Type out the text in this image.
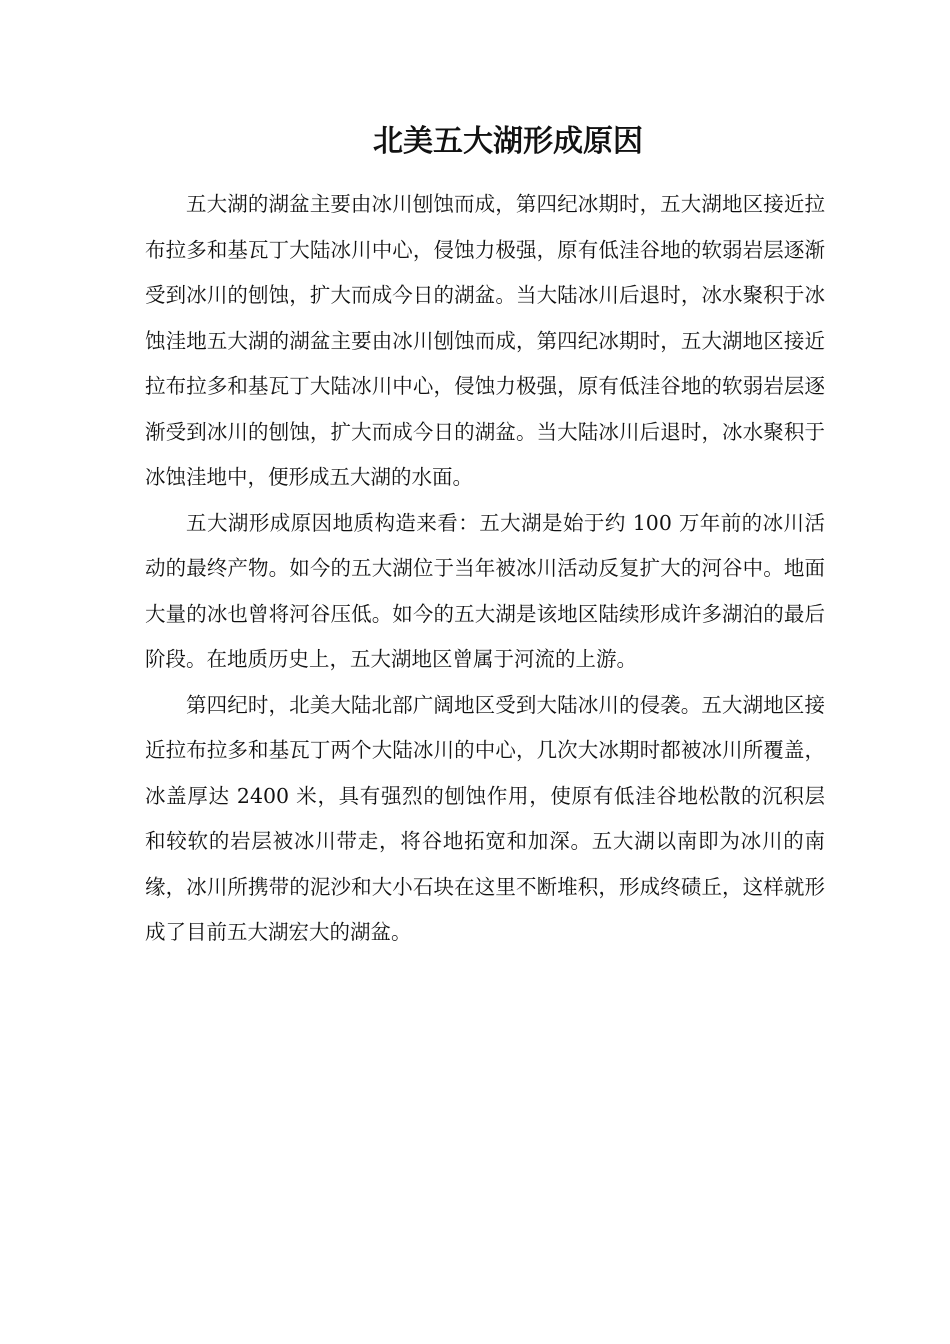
北美五大湖形成原因

五大湖的湖盆主要由冰川刨蚀而成，第四纪冰期时，五大湖地区接近拉布拉多和基瓦丁大陆冰川中心，侵蚀力极强，原有低洼谷地的软弱岩层逐渐受到冰川的刨蚀，扩大而成今日的湖盆。当大陆冰川后退时，冰水聚积于冰蚀洼地五大湖的湖盆主要由冰川刨蚀而成，第四纪冰期时，五大湖地区接近拉布拉多和基瓦丁大陆冰川中心，侵蚀力极强，原有低洼谷地的软弱岩层逐渐受到冰川的刨蚀，扩大而成今日的湖盆。当大陆冰川后退时，冰水聚积于冰蚀洼地中，便形成五大湖的水面。

五大湖形成原因地质构造来看：五大湖是始于约 100 万年前的冰川活动的最终产物。如今的五大湖位于当年被冰川活动反复扩大的河谷中。地面大量的冰也曾将河谷压低。如今的五大湖是该地区陆续形成许多湖泊的最后阶段。在地质历史上，五大湖地区曾属于河流的上游。

第四纪时，北美大陆北部广阔地区受到大陆冰川的侵袭。五大湖地区接近拉布拉多和基瓦丁两个大陆冰川的中心，几次大冰期时都被冰川所覆盖，冰盖厚达 2400 米，具有强烈的刨蚀作用，使原有低洼谷地松散的沉积层和较软的岩层被冰川带走，将谷地拓宽和加深。五大湖以南即为冰川的南缘，冰川所携带的泥沙和大小石块在这里不断堆积，形成终碛丘，这样就形成了目前五大湖宏大的湖盆。
